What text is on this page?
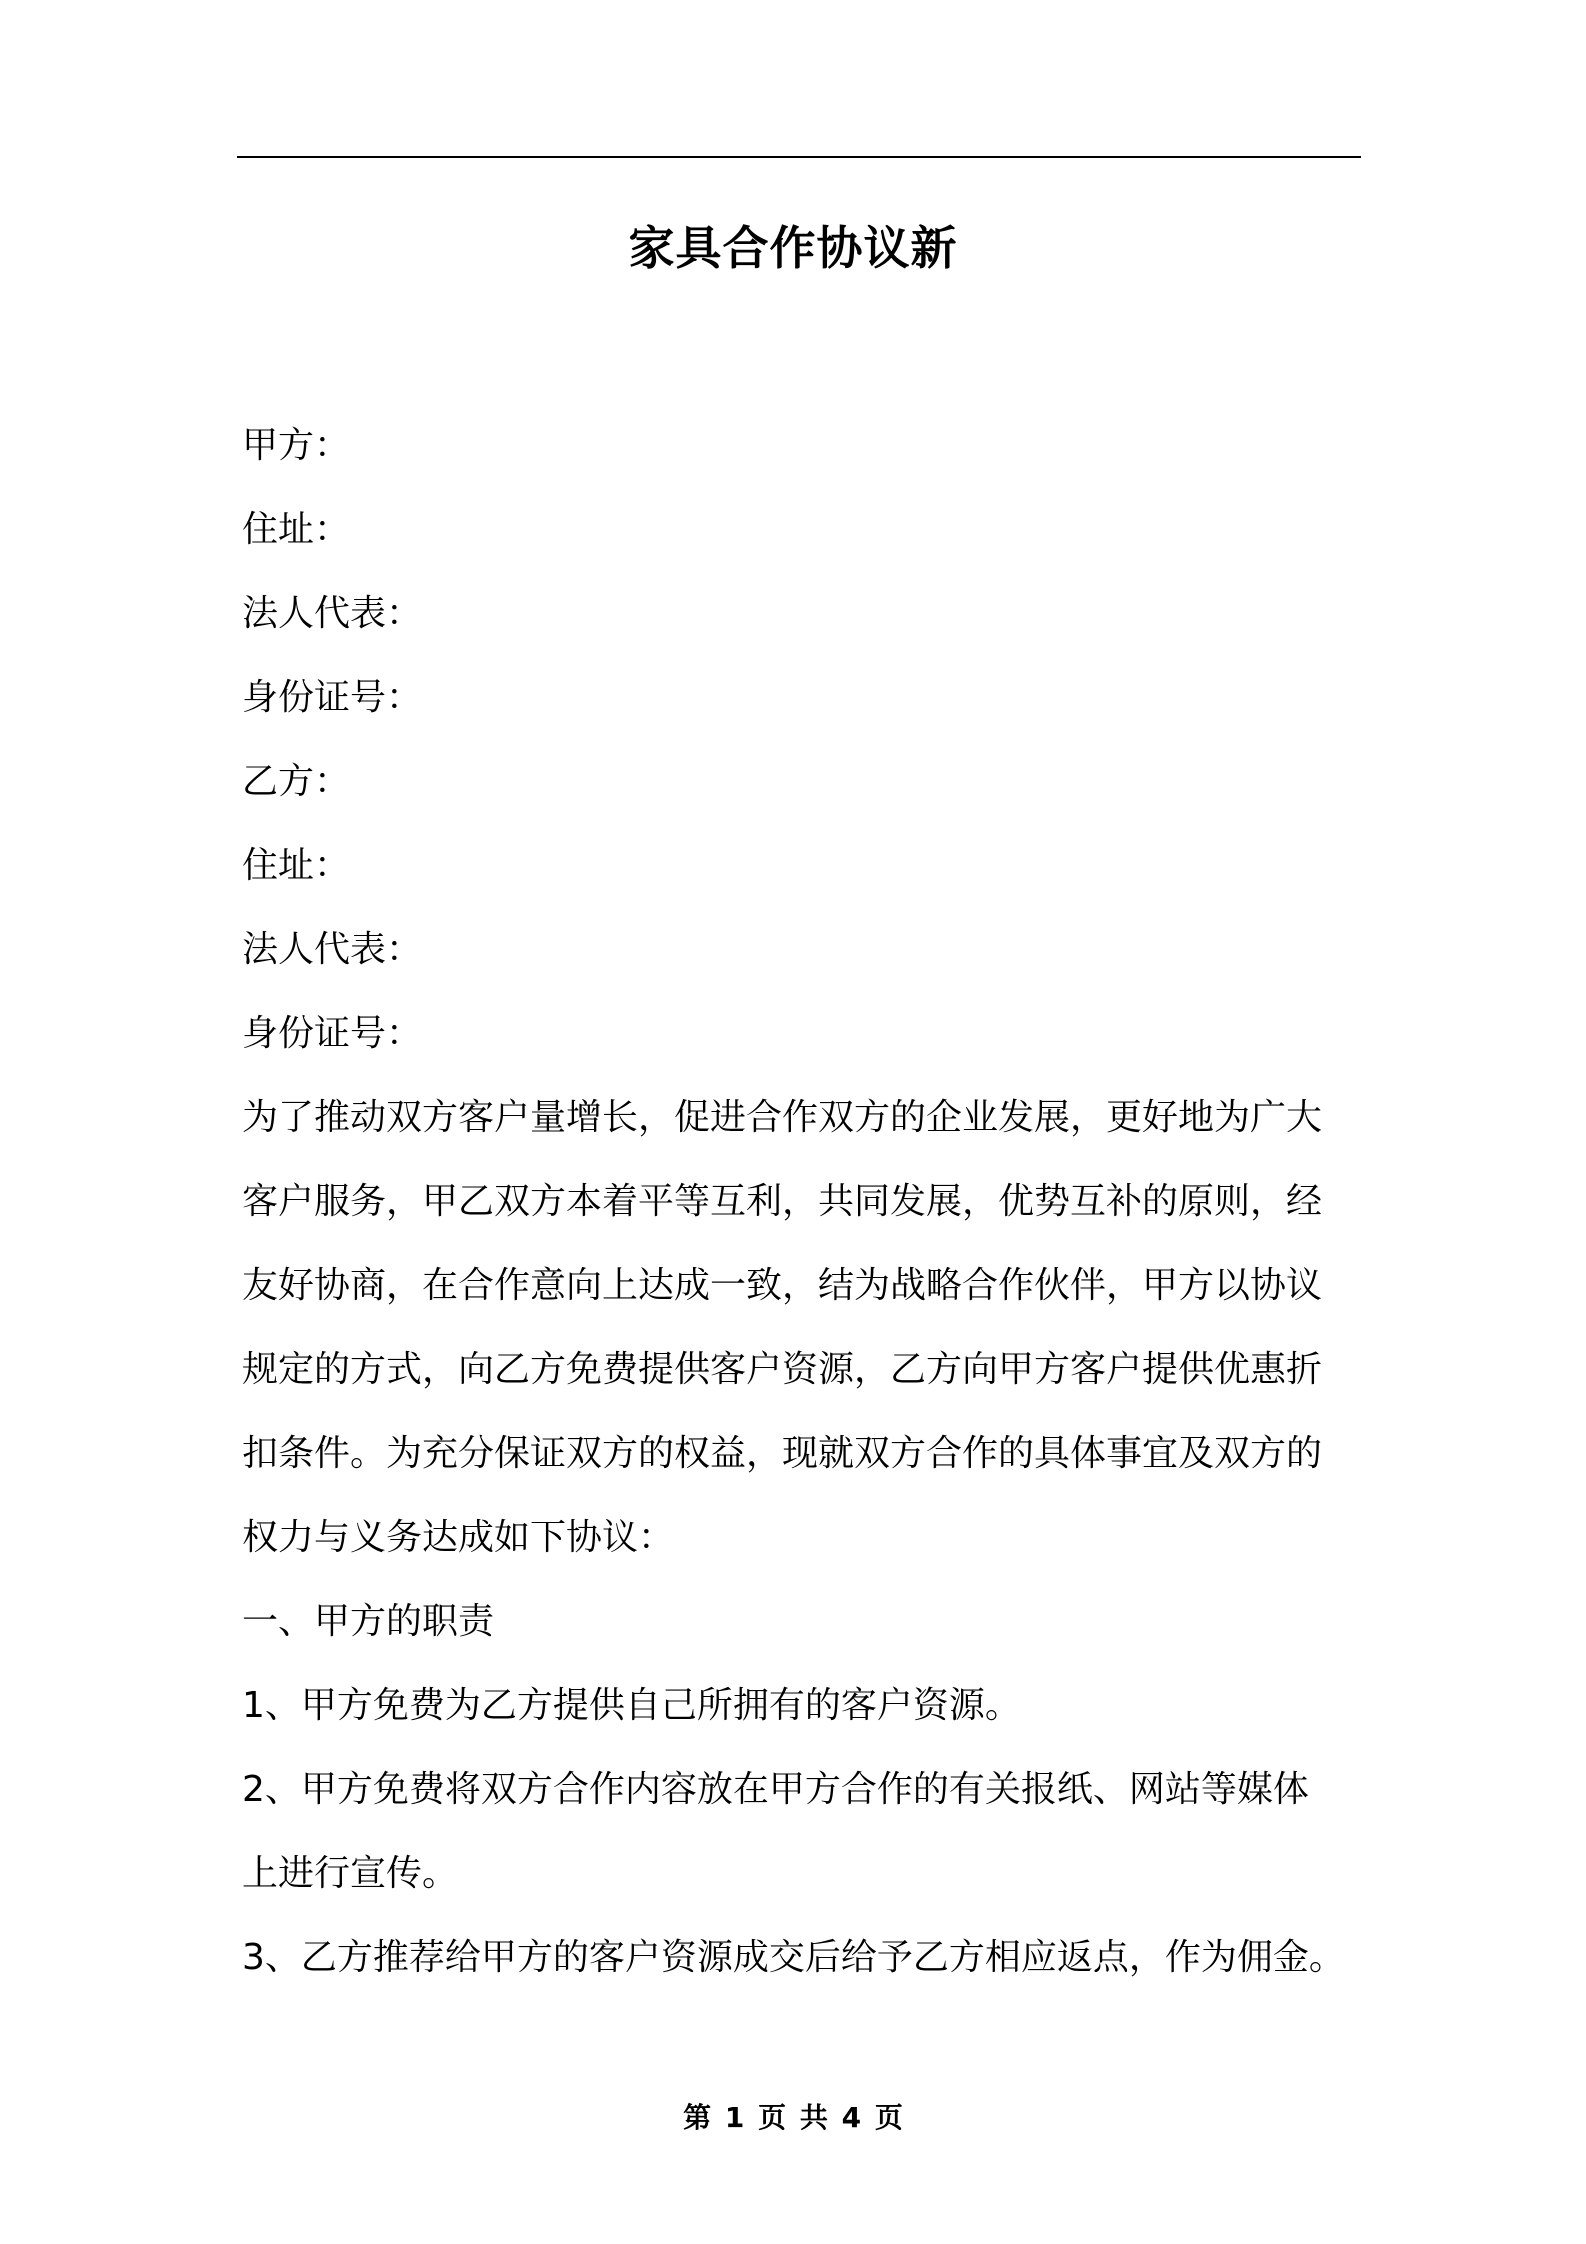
家具合作协议新
甲方：
住址：
法人代表：
身份证号：
乙方：
住址：
法人代表：
身份证号：
为了推动双方客户量增长，促进合作双方的企业发展，更好地为广大
客户服务，甲乙双方本着平等互利，共同发展，优势互补的原则，经
友好协商，在合作意向上达成一致，结为战略合作伙伴，甲方以协议
规定的方式，向乙方免费提供客户资源，乙方向甲方客户提供优惠折
扣条件。为充分保证双方的权益，现就双方合作的具体事宜及双方的
权力与义务达成如下协议：
一、甲方的职责
1、甲方免费为乙方提供自己所拥有的客户资源。
2、甲方免费将双方合作内容放在甲方合作的有关报纸、网站等媒体
上进行宣传。
3、乙方推荐给甲方的客户资源成交后给予乙方相应返点，作为佣金。
第 1 页 共 4 页
